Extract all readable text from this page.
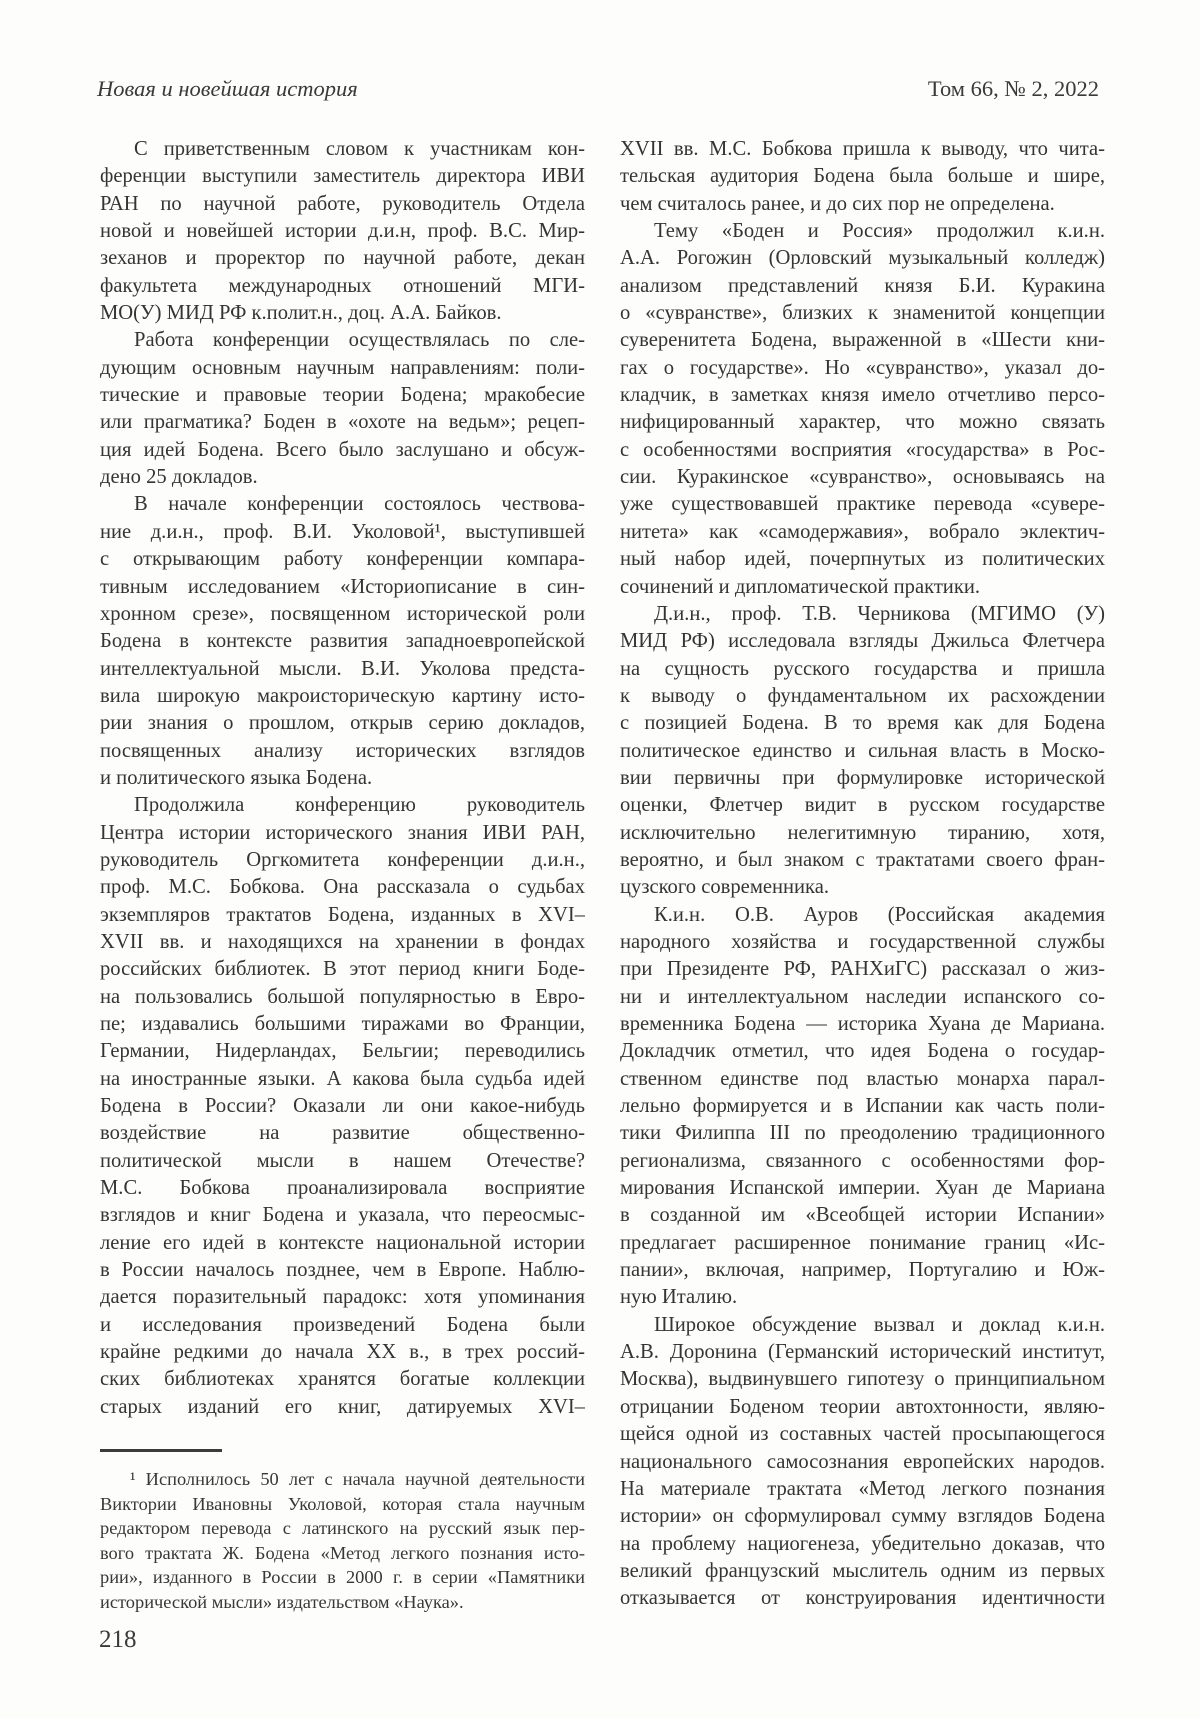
Новая и новейшая история	Том 66, № 2, 2022
С приветственным словом к участникам кон-
ференции выступили заместитель директора ИВИ
РАН по научной работе, руководитель Отдела
новой и новейшей истории д.и.н, проф. В.С. Мир-
зеханов и проректор по научной работе, декан
факультета международных отношений МГИ-
МО(У) МИД РФ к.полит.н., доц. А.А. Байков.
Работа конференции осуществлялась по сле-
дующим основным научным направлениям: поли-
тические и правовые теории Бодена; мракобесие
или прагматика? Боден в «охоте на ведьм»; рецеп-
ция идей Бодена. Всего было заслушано и обсуж-
дено 25 докладов.
В начале конференции состоялось чествова-
ние д.и.н., проф. В.И. Уколовой¹, выступившей
с открывающим работу конференции компара-
тивным исследованием «Историописание в син-
хронном срезе», посвященном исторической роли
Бодена в контексте развития западноевропейской
интеллектуальной мысли. В.И. Уколова предста-
вила широкую макроисторическую картину исто-
рии знания о прошлом, открыв серию докладов,
посвященных анализу исторических взглядов
и политического языка Бодена.
Продолжила конференцию руководитель
Центра истории исторического знания ИВИ РАН,
руководитель Оргкомитета конференции д.и.н.,
проф. М.С. Бобкова. Она рассказала о судьбах
экземпляров трактатов Бодена, изданных в XVI–
XVII вв. и находящихся на хранении в фондах
российских библиотек. В этот период книги Боде-
на пользовались большой популярностью в Евро-
пе; издавались большими тиражами во Франции,
Германии, Нидерландах, Бельгии; переводились
на иностранные языки. А какова была судьба идей
Бодена в России? Оказали ли они какое-нибудь
воздействие на развитие общественно-
политической мысли в нашем Отечестве?
М.С. Бобкова проанализировала восприятие
взглядов и книг Бодена и указала, что переосмыс-
ление его идей в контексте национальной истории
в России началось позднее, чем в Европе. Наблю-
дается поразительный парадокс: хотя упоминания
и исследования произведений Бодена были
крайне редкими до начала XX в., в трех россий-
ских библиотеках хранятся богатые коллекции
старых изданий его книг, датируемых XVI–
XVII вв. М.С. Бобкова пришла к выводу, что чита-
тельская аудитория Бодена была больше и шире,
чем считалось ранее, и до сих пор не определена.
Тему «Боден и Россия» продолжил к.и.н.
А.А. Рогожин (Орловский музыкальный колледж)
анализом представлений князя Б.И. Куракина
о «сувранстве», близких к знаменитой концепции
суверенитета Бодена, выраженной в «Шести кни-
гах о государстве». Но «сувранство», указал до-
кладчик, в заметках князя имело отчетливо персо-
нифицированный характер, что можно связать
с особенностями восприятия «государства» в Рос-
сии. Куракинское «сувранство», основываясь на
уже существовавшей практике перевода «сувере-
нитета» как «самодержавия», вобрало эклектич-
ный набор идей, почерпнутых из политических
сочинений и дипломатической практики.
Д.и.н., проф. Т.В. Черникова (МГИМО (У)
МИД РФ) исследовала взгляды Джильса Флетчера
на сущность русского государства и пришла
к выводу о фундаментальном их расхождении
с позицией Бодена. В то время как для Бодена
политическое единство и сильная власть в Моско-
вии первичны при формулировке исторической
оценки, Флетчер видит в русском государстве
исключительно нелегитимную тиранию, хотя,
вероятно, и был знаком с трактатами своего фран-
цузского современника.
К.и.н. О.В. Ауров (Российская академия
народного хозяйства и государственной службы
при Президенте РФ, РАНХиГС) рассказал о жиз-
ни и интеллектуальном наследии испанского со-
временника Бодена — историка Хуана де Мариана.
Докладчик отметил, что идея Бодена о государ-
ственном единстве под властью монарха парал-
лельно формируется и в Испании как часть поли-
тики Филиппа III по преодолению традиционного
регионализма, связанного с особенностями фор-
мирования Испанской империи. Хуан де Мариана
в созданной им «Всеобщей истории Испании»
предлагает расширенное понимание границ «Ис-
пании», включая, например, Португалию и Юж-
ную Италию.
Широкое обсуждение вызвал и доклад к.и.н.
А.В. Доронина (Германский исторический институт,
Москва), выдвинувшего гипотезу о принципиальном
отрицании Боденом теории автохтонности, являю-
щейся одной из составных частей просыпающегося
национального самосознания европейских народов.
На материале трактата «Метод легкого познания
истории» он сформулировал сумму взглядов Бодена
на проблему нациогенеза, убедительно доказав, что
великий французский мыслитель одним из первых
отказывается от конструирования идентичности
¹ Исполнилось 50 лет с начала научной деятельности
Виктории Ивановны Уколовой, которая стала научным
редактором перевода с латинского на русский язык пер-
вого трактата Ж. Бодена «Метод легкого познания исто-
рии», изданного в России в 2000 г. в серии «Памятники
исторической мысли» издательством «Наука».
218
